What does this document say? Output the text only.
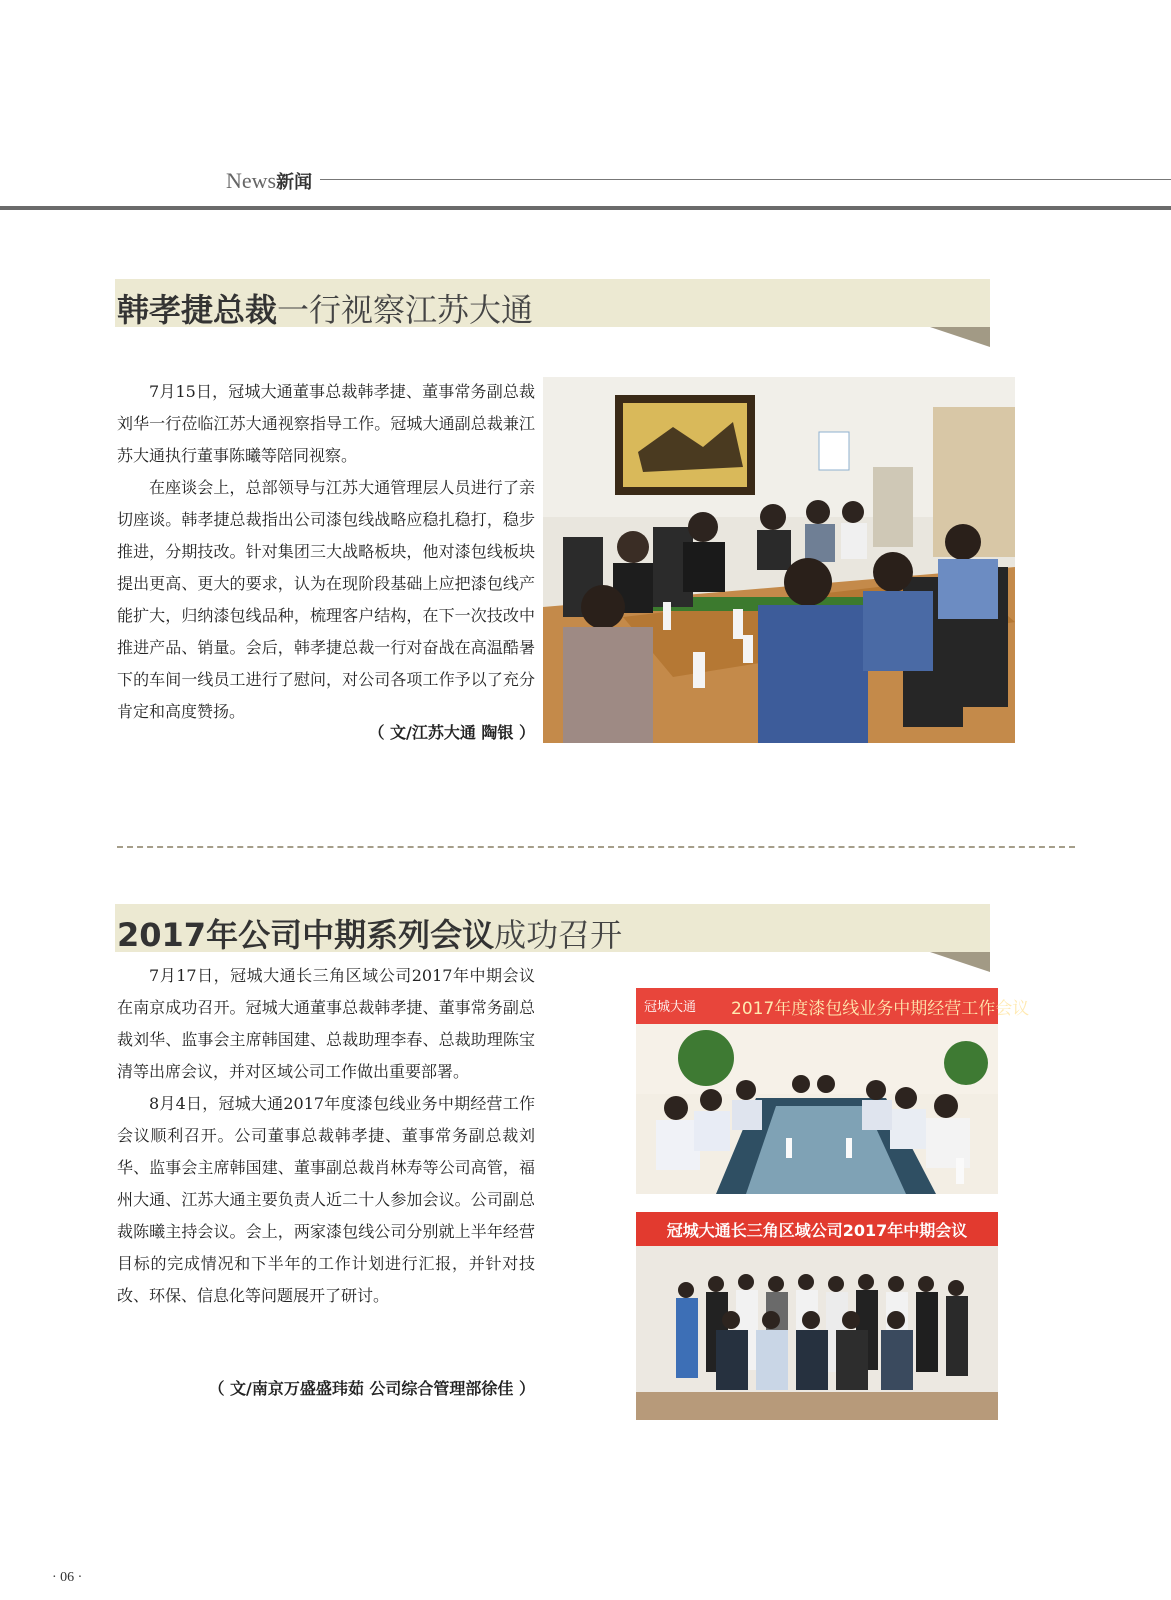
News新闻
韩孝捷总裁一行视察江苏大通

7月15日，冠城大通董事总裁韩孝捷、董事常务副总裁刘华一行莅临江苏大通视察指导工作。冠城大通副总裁兼江苏大通执行董事陈曦等陪同视察。

在座谈会上，总部领导与江苏大通管理层人员进行了亲切座谈。韩孝捷总裁指出公司漆包线战略应稳扎稳打，稳步推进，分期技改。针对集团三大战略板块，他对漆包线板块提出更高、更大的要求，认为在现阶段基础上应把漆包线产能扩大，归纳漆包线品种，梳理客户结构，在下一次技改中推进产品、销量。会后，韩孝捷总裁一行对奋战在高温酷暑下的车间一线员工进行了慰问，对公司各项工作予以了充分肯定和高度赞扬。

（ 文/江苏大通 陶银 ）
2017年公司中期系列会议成功召开

7月17日，冠城大通长三角区域公司2017年中期会议在南京成功召开。冠城大通董事总裁韩孝捷、董事常务副总裁刘华、监事会主席韩国建、总裁助理李春、总裁助理陈宝清等出席会议，并对区域公司工作做出重要部署。

8月4日，冠城大通2017年度漆包线业务中期经营工作会议顺利召开。公司董事总裁韩孝捷、董事常务副总裁刘华、监事会主席韩国建、董事副总裁肖林寿等公司高管，福州大通、江苏大通主要负责人近二十人参加会议。公司副总裁陈曦主持会议。会上，两家漆包线公司分别就上半年经营目标的完成情况和下半年的工作计划进行汇报，并针对技改、环保、信息化等问题展开了研讨。

（ 文/南京万盛盛玮茹 公司综合管理部徐佳 ）
冠城大通 2017年度漆包线业务中期经营工作会议
冠城大通长三角区域公司2017年中期会议
· 06 ·
